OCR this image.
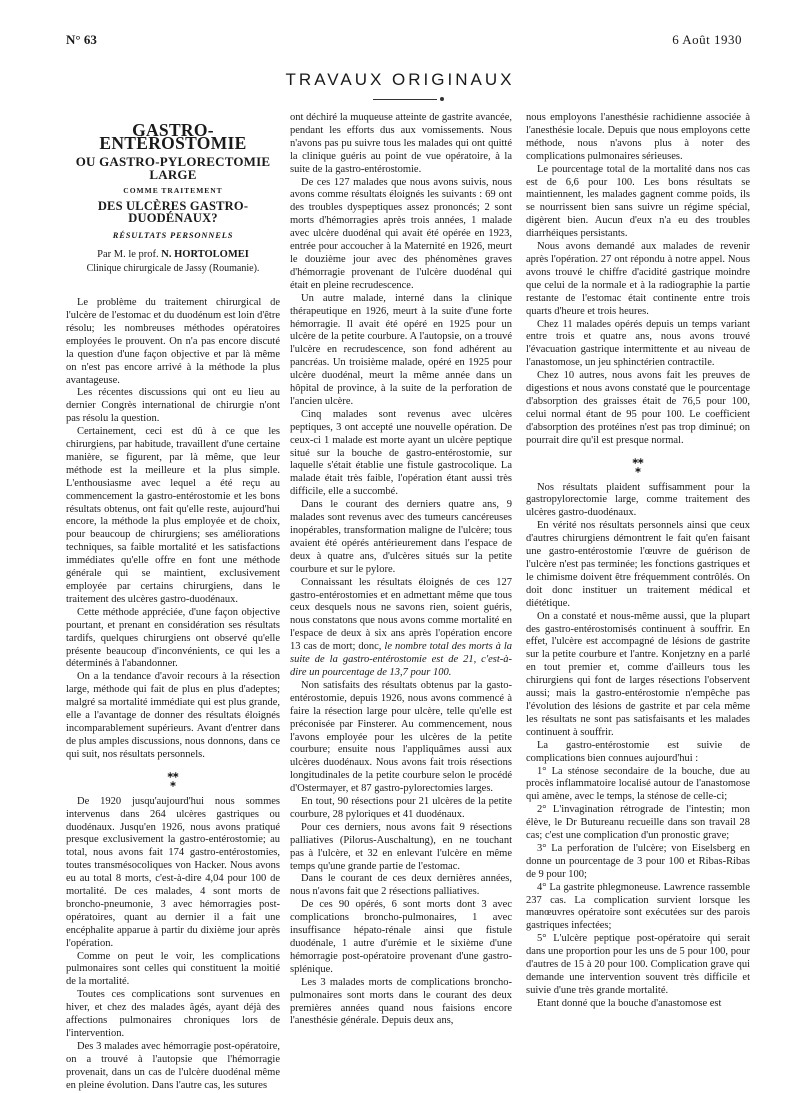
N° 63	6 Août 1930
TRAVAUX ORIGINAUX
GASTRO-ENTÉROSTOMIE
OU GASTRO-PYLORECTOMIE LARGE
COMME TRAITEMENT
DES ULCÈRES GASTRO-DUODÉNAUX?
RÉSULTATS PERSONNELS
Par M. le prof. N. HORTOLOMEI
Clinique chirurgicale de Jassy (Roumanie).

Le problème du traitement chirurgical de l'ulcère de l'estomac et du duodénum est loin d'être résolu; les nombreuses méthodes opératoires employées le prouvent. On n'a pas encore discuté la question d'une façon objective et par là même on n'est pas encore arrivé à la méthode la plus avantageuse.

Les récentes discussions qui ont eu lieu au dernier Congrès international de chirurgie n'ont pas résolu la question.

Certainement, ceci est dû à ce que les chirurgiens, par habitude, travaillent d'une certaine manière, se figurent, par là même, que leur méthode est la meilleure et la plus simple. L'enthousiasme avec lequel a été reçu au commencement la gastro-entérostomie et les bons résultats obtenus, ont fait qu'elle reste, aujourd'hui encore, la méthode la plus employée et de choix, pour beaucoup de chirurgiens; ses améliorations techniques, sa faible mortalité et les satisfactions immédiates qu'elle offre en font une méthode générale qui se maintient, exclusivement employée par certains chirurgiens, dans le traitement des ulcères gastro-duodénaux.

Cette méthode appréciée, d'une façon objective pourtant, et prenant en considération ses résultats tardifs, quelques chirurgiens ont observé qu'elle présente beaucoup d'inconvénients, ce qui les a déterminés à l'abandonner.

On a la tendance d'avoir recours à la résection large, méthode qui fait de plus en plus d'adeptes; malgré sa mortalité immédiate qui est plus grande, elle a l'avantage de donner des résultats éloignés incomparablement supérieurs. Avant d'entrer dans de plus amples discussions, nous donnons, dans ce qui suit, nos résultats personnels.

⁎⁎
⁎

De 1920 jusqu'aujourd'hui nous sommes intervenus dans 264 ulcères gastriques ou duodénaux. Jusqu'en 1926, nous avons pratiqué presque exclusivement la gastro-entérostomie; au total, nous avons fait 174 gastro-entérostomies, toutes transmésocoliques von Hacker. Nous avons eu au total 8 morts, c'est-à-dire 4,04 pour 100 de mortalité. De ces malades, 4 sont morts de broncho-pneumonie, 3 avec hémorragies post-opératoires, quant au dernier il a fait une encéphalite apparue à partir du dixième jour après l'opération.

Comme on peut le voir, les complications pulmonaires sont celles qui constituent la moitié de la mortalité.

Toutes ces complications sont survenues en hiver, et chez des malades âgés, ayant déjà des affections pulmonaires chroniques lors de l'intervention.

Des 3 malades avec hémorragie post-opératoire, on a trouvé à l'autopsie que l'hémorragie provenait, dans un cas de l'ulcère duodénal même en pleine évolution. Dans l'autre cas, les sutures

ont déchiré la muqueuse atteinte de gastrite avancée, pendant les efforts dus aux vomissements. Nous n'avons pas pu suivre tous les malades qui ont quitté la clinique guéris au point de vue opératoire, à la suite de la gastro-entérostomie.

De ces 127 malades que nous avons suivis, nous avons comme résultats éloignés les suivants : 69 ont des troubles dyspeptiques assez prononcés; 2 sont morts d'hémorragies après trois années, 1 malade avec ulcère duodénal qui avait été opérée en 1923, entrée pour accoucher à la Maternité en 1926, meurt le douzième jour avec des phénomènes graves d'hémorragie provenant de l'ulcère duodénal qui était en pleine recrudescence.

Un autre malade, interné dans la clinique thérapeutique en 1926, meurt à la suite d'une forte hémorragie. Il avait été opéré en 1925 pour un ulcère de la petite courbure. A l'autopsie, on a trouvé l'ulcère en recrudescence, son fond adhérent au pancréas. Un troisième malade, opéré en 1925 pour ulcère duodénal, meurt la même année dans un hôpital de province, à la suite de la perforation de l'ancien ulcère.

Cinq malades sont revenus avec ulcères peptiques, 3 ont accepté une nouvelle opération. De ceux-ci 1 malade est morte ayant un ulcère peptique situé sur la bouche de gastro-entérostomie, sur laquelle s'était établie une fistule gastrocolique. La malade était très faible, l'opération étant aussi très difficile, elle a succombé.

Dans le courant des derniers quatre ans, 9 malades sont revenus avec des tumeurs cancéreuses inopérables, transformation maligne de l'ulcère; tous avaient été opérés antérieurement dans l'espace de deux à quatre ans, d'ulcères situés sur la petite courbure et sur le pylore.

Connaissant les résultats éloignés de ces 127 gastro-entérostomies et en admettant même que tous ceux desquels nous ne savons rien, soient guéris, nous constatons que nous avons comme mortalité en l'espace de deux à six ans après l'opération encore 13 cas de mort; donc, le nombre total des morts à la suite de la gastro-entérostomie est de 21, c'est-à-dire un pourcentage de 13,7 pour 100.

Non satisfaits des résultats obtenus par la gasto-entérostomie, depuis 1926, nous avons commencé à faire la résection large pour ulcère, telle qu'elle est préconisée par Finsterer. Au commencement, nous l'avons employée pour les ulcères de la petite courbure; ensuite nous l'appliquâmes aussi aux ulcères duodénaux. Nous avons fait trois résections longitudinales de la petite courbure selon le procédé d'Ostermayer, et 87 gastro-pylorectomies larges.

En tout, 90 résections pour 21 ulcères de la petite courbure, 28 pyloriques et 41 duodénaux.

Pour ces derniers, nous avons fait 9 résections palliatives (Pilorus-Auschaltung), en ne touchant pas à l'ulcère, et 32 en enlevant l'ulcère en même temps qu'une grande partie de l'estomac.

Dans le courant de ces deux dernières années, nous n'avons fait que 2 résections palliatives.

De ces 90 opérés, 6 sont morts dont 3 avec complications broncho-pulmonaires, 1 avec insuffisance hépato-rénale ainsi que fistule duodénale, 1 autre d'urémie et le sixième d'une hémorragie post-opératoire provenant d'une gastro-splénique.

Les 3 malades morts de complications broncho-pulmonaires sont morts dans le courant des deux premières années quand nous faisions encore l'anesthésie générale. Depuis deux ans,

nous employons l'anesthésie rachidienne associée à l'anesthésie locale. Depuis que nous employons cette méthode, nous n'avons plus à noter des complications pulmonaires sérieuses.

Le pourcentage total de la mortalité dans nos cas est de 6,6 pour 100. Les bons résultats se maintiennent, les malades gagnent comme poids, ils se nourrissent bien sans suivre un régime spécial, digèrent bien. Aucun d'eux n'a eu des troubles diarrhéiques persistants.

Nous avons demandé aux malades de revenir après l'opération. 27 ont répondu à notre appel. Nous avons trouvé le chiffre d'acidité gastrique moindre que celui de la normale et à la radiographie la partie restante de l'estomac était continente entre trois quarts d'heure et trois heures.

Chez 11 malades opérés depuis un temps variant entre trois et quatre ans, nous avons trouvé l'évacuation gastrique intermittente et au niveau de l'anastomose, un jeu sphinctérien contractile.

Chez 10 autres, nous avons fait les preuves de digestions et nous avons constaté que le pourcentage d'absorption des graisses était de 76,5 pour 100, celui normal étant de 95 pour 100. Le coefficient d'absorption des protéines n'est pas trop diminué; on pourrait dire qu'il est presque normal.

⁎⁎
⁎

Nos résultats plaident suffisamment pour la gastropylorectomie large, comme traitement des ulcères gastro-duodénaux.

En vérité nos résultats personnels ainsi que ceux d'autres chirurgiens démontrent le fait qu'en faisant une gastro-entérostomie l'œuvre de guérison de l'ulcère n'est pas terminée; les fonctions gastriques et le chimisme doivent être fréquemment contrôlés. On doit donc instituer un traitement médical et diététique.

On a constaté et nous-même aussi, que la plupart des gastro-entérostomisés continuent à souffrir. En effet, l'ulcère est accompagné de lésions de gastrite sur la petite courbure et l'antre. Konjetzny en a parlé en tout premier et, comme d'ailleurs tous les chirurgiens qui font de larges résections l'observent aussi; mais la gastro-entérostomie n'empêche pas l'évolution des lésions de gastrite et par cela même les résultats ne sont pas satisfaisants et les malades continuent à souffrir.

La gastro-entérostomie est suivie de complications bien connues aujourd'hui :

1° La sténose secondaire de la bouche, due au procès inflammatoire localisé autour de l'anastomose qui amène, avec le temps, la sténose de celle-ci;

2° L'invagination rétrograde de l'intestin; mon élève, le Dr Butureanu recueille dans son travail 28 cas; c'est une complication d'un pronostic grave;

3° La perforation de l'ulcère; von Eiselsberg en donne un pourcentage de 3 pour 100 et Ribas-Ribas de 9 pour 100;

4° La gastrite phlegmoneuse. Lawrence rassemble 237 cas. La complication survient lorsque les manœuvres opératoire sont exécutées sur des parois gastriques infectées;

5° L'ulcère peptique post-opératoire qui serait dans une proportion pour les uns de 5 pour 100, pour d'autres de 15 à 20 pour 100. Complication grave qui demande une intervention souvent très difficile et suivie d'une très grande mortalité.

Etant donné que la bouche d'anastomose est
